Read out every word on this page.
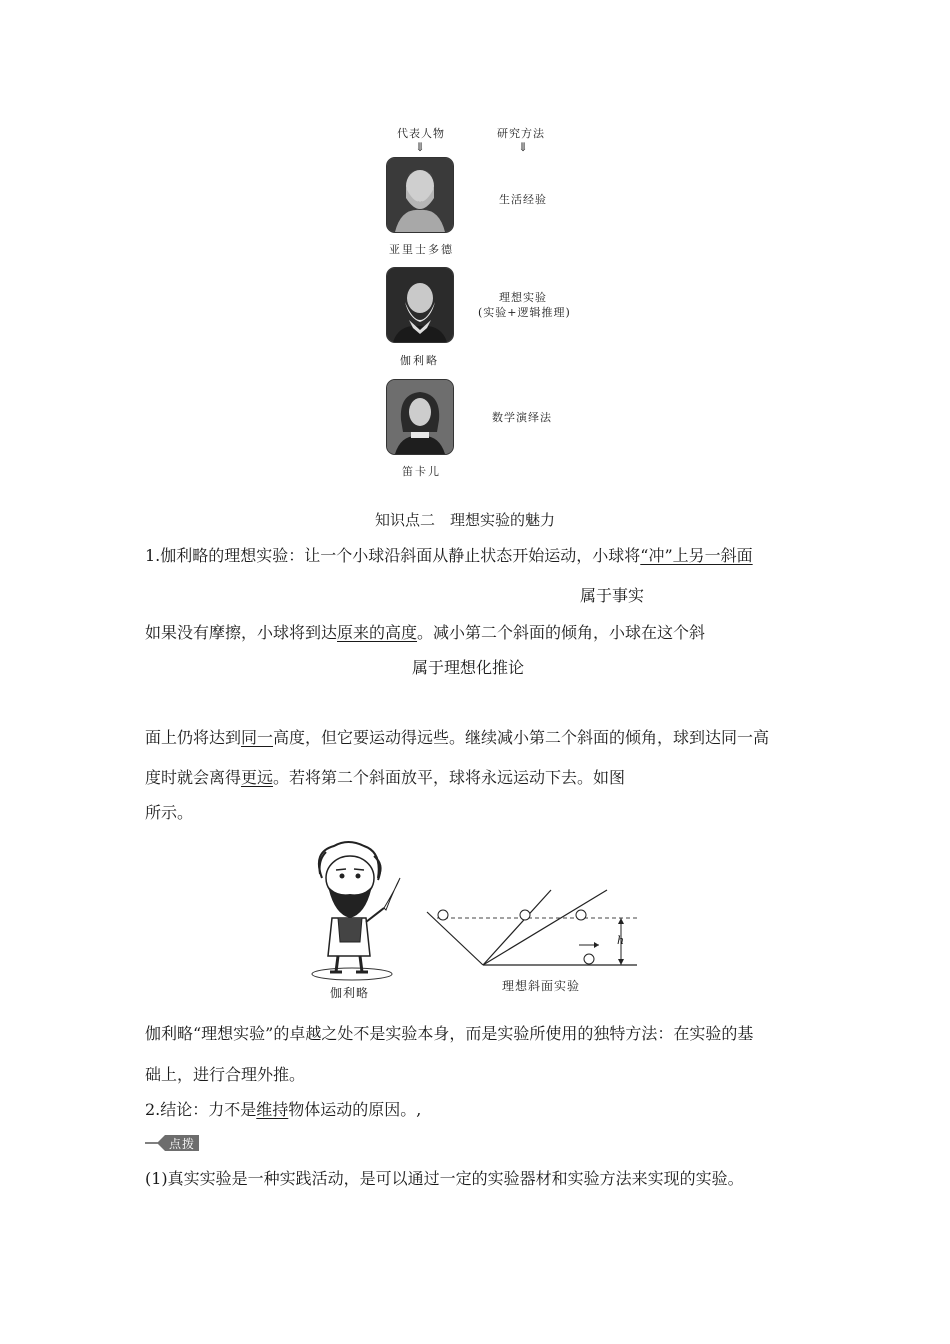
代表人物	研究方法
⇓	⇓
亚里士多德
生活经验
伽利略
理想实验
(实验+逻辑推理)
笛卡儿
数学演绎法
知识点二　理想实验的魅力
1.伽利略的理想实验：让一个小球沿斜面从静止状态开始运动，小球将“冲”上另一斜面
属于事实
如果没有摩擦，小球将到达原来的高度。减小第二个斜面的倾角，小球在这个斜
属于理想化推论
面上仍将达到同一高度，但它要运动得远些。继续减小第二个斜面的倾角，球到达同一高
度时就会离得更远。若将第二个斜面放平，球将永远运动下去。如图
所示。
伽利略
h
理想斜面实验
伽利略“理想实验”的卓越之处不是实验本身，而是实验所使用的独特方法：在实验的基
础上，进行合理外推。
2.结论：力不是维持物体运动的原因。,
点拨
(1)真实实验是一种实践活动，是可以通过一定的实验器材和实验方法来实现的实验。
